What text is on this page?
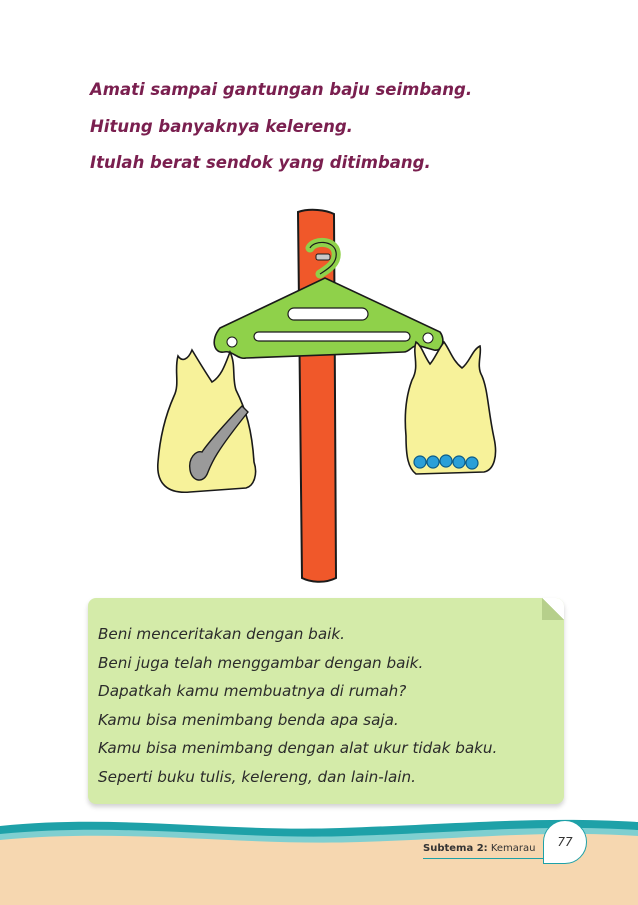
Amati sampai gantungan baju seimbang.
Hitung banyaknya kelereng.
Itulah berat sendok yang ditimbang.
Beni menceritakan dengan baik.
Beni juga telah menggambar dengan baik.
Dapatkah kamu membuatnya di rumah?
Kamu bisa menimbang benda apa saja.
Kamu bisa menimbang dengan alat ukur tidak baku.
Seperti buku tulis, kelereng, dan lain-lain.
Subtema 2: Kemarau	77
